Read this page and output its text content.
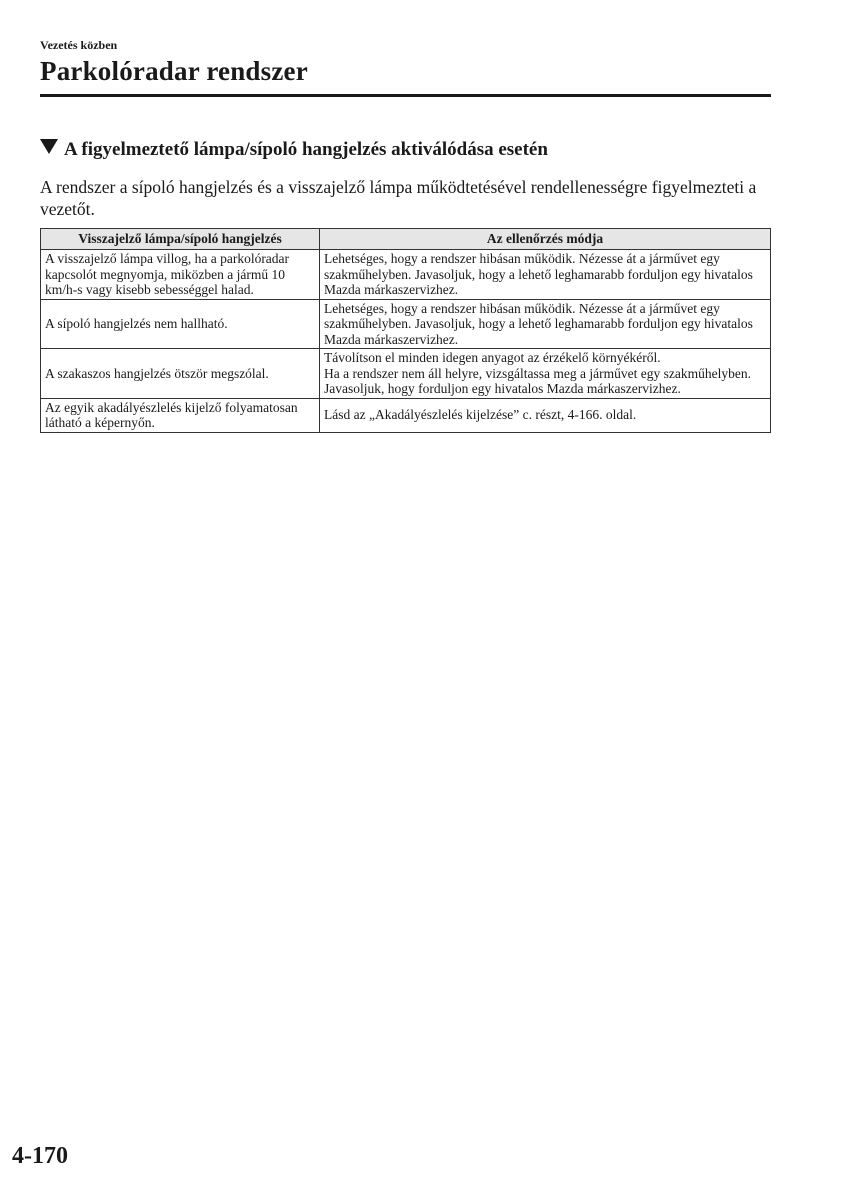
Vezetés közben
Parkolóradar rendszer
A figyelmeztető lámpa/sípoló hangjelzés aktiválódása esetén
A rendszer a sípoló hangjelzés és a visszajelző lámpa működtetésével rendellenességre figyelmezteti a vezetőt.
Visszajelző lámpa/sípoló hangjelzés	Az ellenőrzés módja
A visszajelző lámpa villog, ha a parkolóradar kapcsolót megnyomja, miközben a jármű 10 km/h-s vagy kisebb sebességgel halad.	Lehetséges, hogy a rendszer hibásan működik. Nézesse át a járművet egy szakműhelyben. Javasoljuk, hogy a lehető leghamarabb forduljon egy hivatalos Mazda márkaszervizhez.
A sípoló hangjelzés nem hallható.	Lehetséges, hogy a rendszer hibásan működik. Nézesse át a járművet egy szakműhelyben. Javasoljuk, hogy a lehető leghamarabb forduljon egy hivatalos Mazda márkaszervizhez.
A szakaszos hangjelzés ötször megszólal.	Távolítson el minden idegen anyagot az érzékelő környékéről.
Ha a rendszer nem áll helyre, vizsgáltassa meg a járművet egy szakműhelyben. Javasoljuk, hogy forduljon egy hivatalos Mazda márkaszervizhez.

Az egyik akadályészlelés kijelző folyamatosan látható a képernyőn.	Lásd az „Akadályészlelés kijelzése” c. részt, 4-166. oldal.
4-170
